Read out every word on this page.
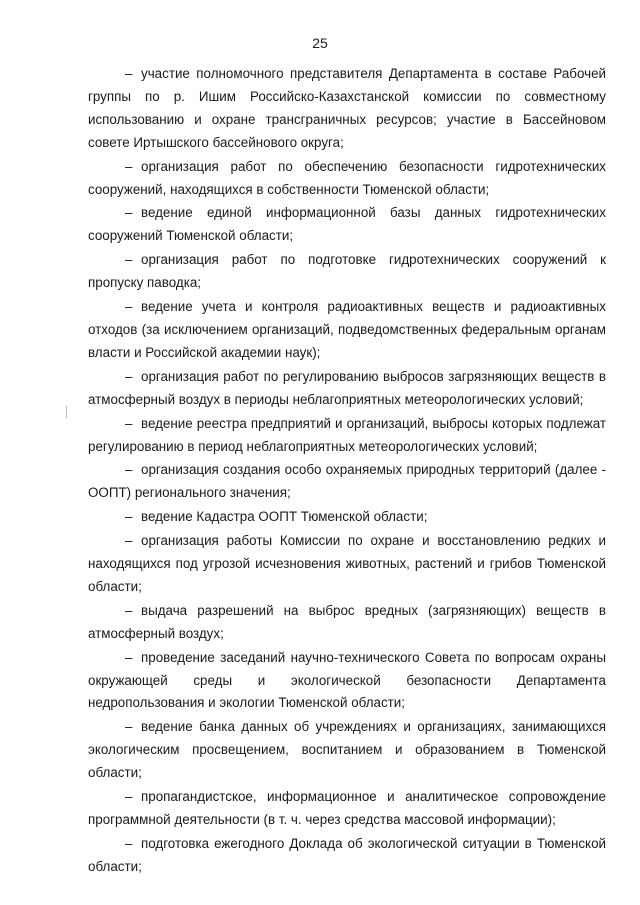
25

– участие полномочного представителя Департамента в составе Рабочей группы по р. Ишим Российско-Казахстанской комиссии по совместному использованию и охране трансграничных ресурсов; участие в Бассейновом совете Иртышского бассейнового округа;

– организация работ по обеспечению безопасности гидротехнических сооружений, находящихся в собственности Тюменской области;

– ведение единой информационной базы данных гидротехнических сооружений Тюменской области;

– организация работ по подготовке гидротехнических сооружений к пропуску паводка;

– ведение учета и контроля радиоактивных веществ и радиоактивных отходов (за исключением организаций, подведомственных федеральным органам власти и Российской академии наук);

– организация работ по регулированию выбросов загрязняющих веществ в атмосферный воздух в периоды неблагоприятных метеорологических условий;

– ведение реестра предприятий и организаций, выбросы которых подлежат регулированию в период неблагоприятных метеорологических условий;

– организация создания особо охраняемых природных территорий (далее - ООПТ) регионального значения;

– ведение Кадастра ООПТ Тюменской области;

– организация работы Комиссии по охране и восстановлению редких и находящихся под угрозой исчезновения животных, растений и грибов Тюменской области;

– выдача разрешений на выброс вредных (загрязняющих) веществ в атмосферный воздух;

– проведение заседаний научно-технического Совета по вопросам охраны окружающей среды и экологической безопасности Департамента недропользования и экологии Тюменской области;

– ведение банка данных об учреждениях и организациях, занимающихся экологическим просвещением, воспитанием и образованием в Тюменской области;

– пропагандистское, информационное и аналитическое сопровождение программной деятельности (в т. ч. через средства массовой информации);

– подготовка ежегодного Доклада об экологической ситуации в Тюменской области;
